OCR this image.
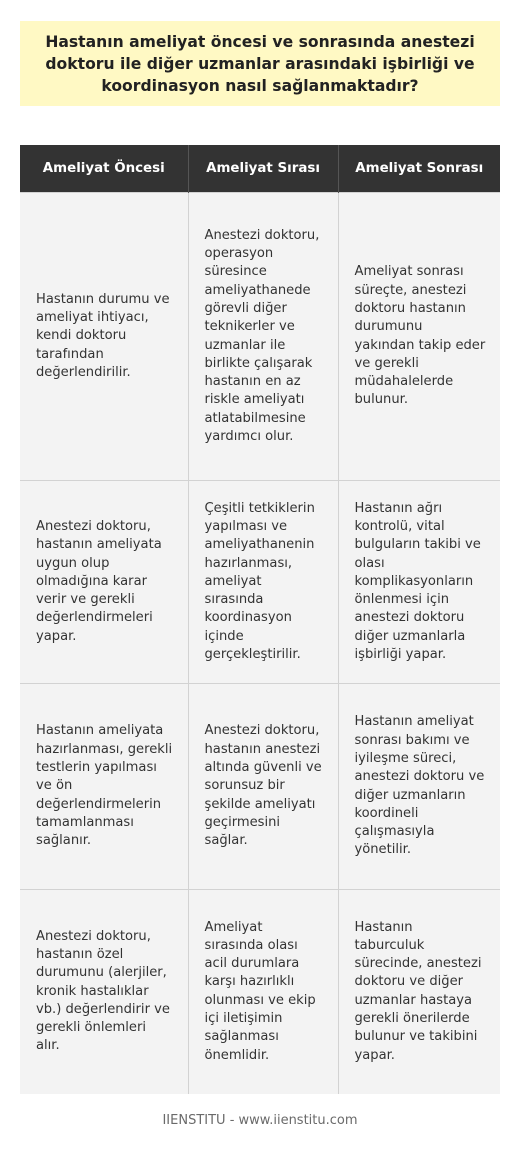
Hastanın ameliyat öncesi ve sonrasında anestezi doktoru ile diğer uzmanlar arasındaki işbirliği ve koordinasyon nasıl sağlanmaktadır?
Ameliyat Öncesi	Ameliyat Sırası	Ameliyat Sonrası
Hastanın durumu ve ameliyat ihtiyacı, kendi doktoru tarafından değerlendirilir.	Anestezi doktoru, operasyon süresince ameliyathanede görevli diğer teknikerler ve uzmanlar ile birlikte çalışarak hastanın en az riskle ameliyatı atlatabilmesine yardımcı olur.	Ameliyat sonrası süreçte, anestezi doktoru hastanın durumunu yakından takip eder ve gerekli müdahalelerde bulunur.
Anestezi doktoru, hastanın ameliyata uygun olup olmadığına karar verir ve gerekli değerlendirmeleri yapar.	Çeşitli tetkiklerin yapılması ve ameliyathanenin hazırlanması, ameliyat sırasında koordinasyon içinde gerçekleştirilir.	Hastanın ağrı kontrolü, vital bulguların takibi ve olası komplikasyonların önlenmesi için anestezi doktoru diğer uzmanlarla işbirliği yapar.
Hastanın ameliyata hazırlanması, gerekli testlerin yapılması ve ön değerlendirmelerin tamamlanması sağlanır.	Anestezi doktoru, hastanın anestezi altında güvenli ve sorunsuz bir şekilde ameliyatı geçirmesini sağlar.	Hastanın ameliyat sonrası bakımı ve iyileşme süreci, anestezi doktoru ve diğer uzmanların koordineli çalışmasıyla yönetilir.
Anestezi doktoru, hastanın özel durumunu (alerjiler, kronik hastalıklar vb.) değerlendirir ve gerekli önlemleri alır.	Ameliyat sırasında olası acil durumlara karşı hazırlıklı olunması ve ekip içi iletişimin sağlanması önemlidir.	Hastanın taburculuk sürecinde, anestezi doktoru ve diğer uzmanlar hastaya gerekli önerilerde bulunur ve takibini yapar.
IIENSTITU - www.iienstitu.com
